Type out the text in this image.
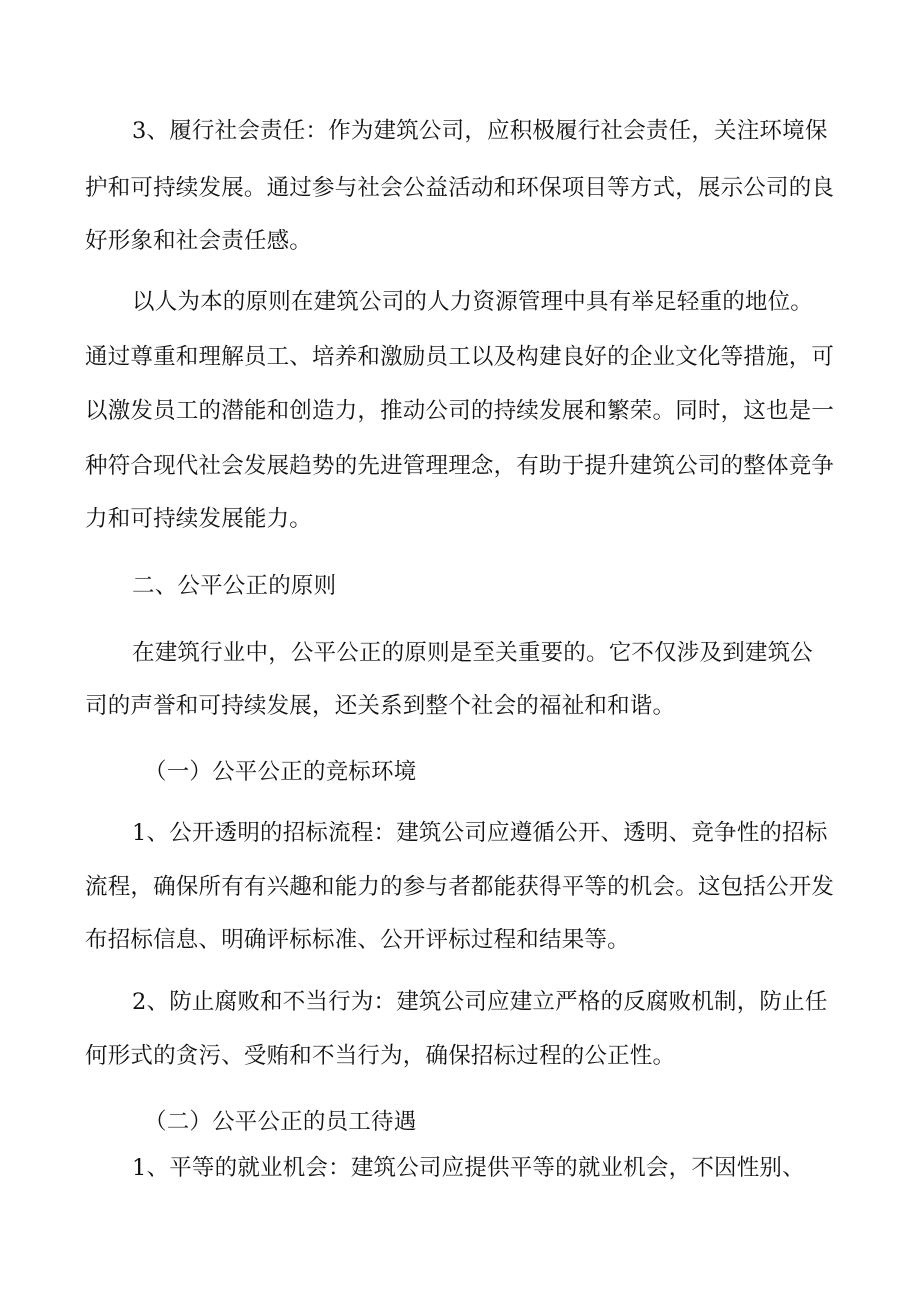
3、履行社会责任：作为建筑公司，应积极履行社会责任，关注环境保
护和可持续发展。通过参与社会公益活动和环保项目等方式，展示公司的良
好形象和社会责任感。
以人为本的原则在建筑公司的人力资源管理中具有举足轻重的地位。
通过尊重和理解员工、培养和激励员工以及构建良好的企业文化等措施，可
以激发员工的潜能和创造力，推动公司的持续发展和繁荣。同时，这也是一
种符合现代社会发展趋势的先进管理理念，有助于提升建筑公司的整体竞争
力和可持续发展能力。
二、公平公正的原则
在建筑行业中，公平公正的原则是至关重要的。它不仅涉及到建筑公
司的声誉和可持续发展，还关系到整个社会的福祉和和谐。
（一）公平公正的竞标环境
1、公开透明的招标流程：建筑公司应遵循公开、透明、竞争性的招标
流程，确保所有有兴趣和能力的参与者都能获得平等的机会。这包括公开发
布招标信息、明确评标标准、公开评标过程和结果等。
2、防止腐败和不当行为：建筑公司应建立严格的反腐败机制，防止任
何形式的贪污、受贿和不当行为，确保招标过程的公正性。
（二）公平公正的员工待遇
1、平等的就业机会：建筑公司应提供平等的就业机会，不因性别、
